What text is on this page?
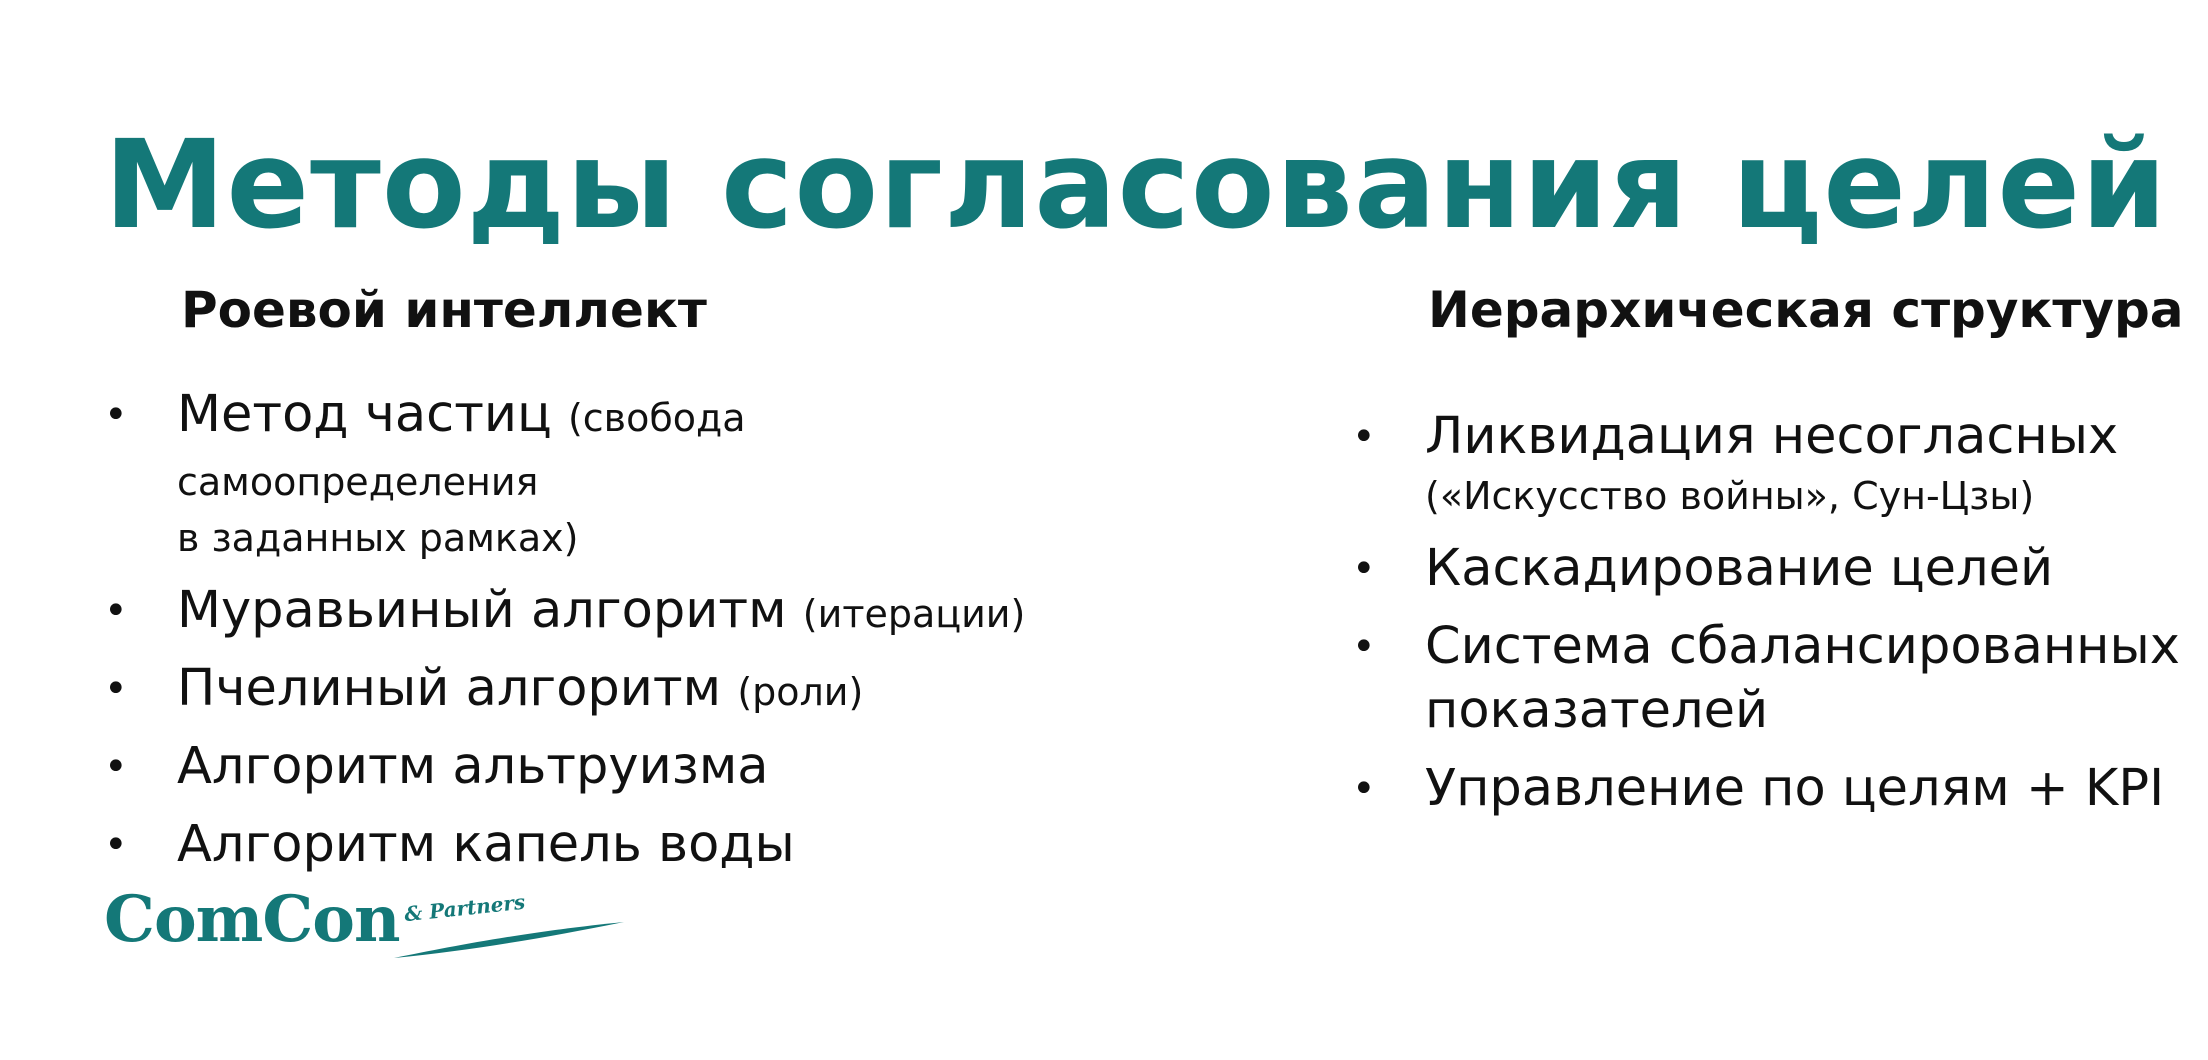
Методы согласования целей
Роевой интеллект
• Метод частиц (свобода самоопределения
в заданных рамках)
• Муравьиный алгоритм (итерации)
• Пчелиный алгоритм (роли)
• Алгоритм альтруизма
• Алгоритм капель воды
Иерархическая структура
• Ликвидация несогласных
(«Искусство войны», Сун-Цзы)
• Каскадирование целей
• Система сбалансированных
показателей
• Управление по целям + KPI
ComCon & Partners
